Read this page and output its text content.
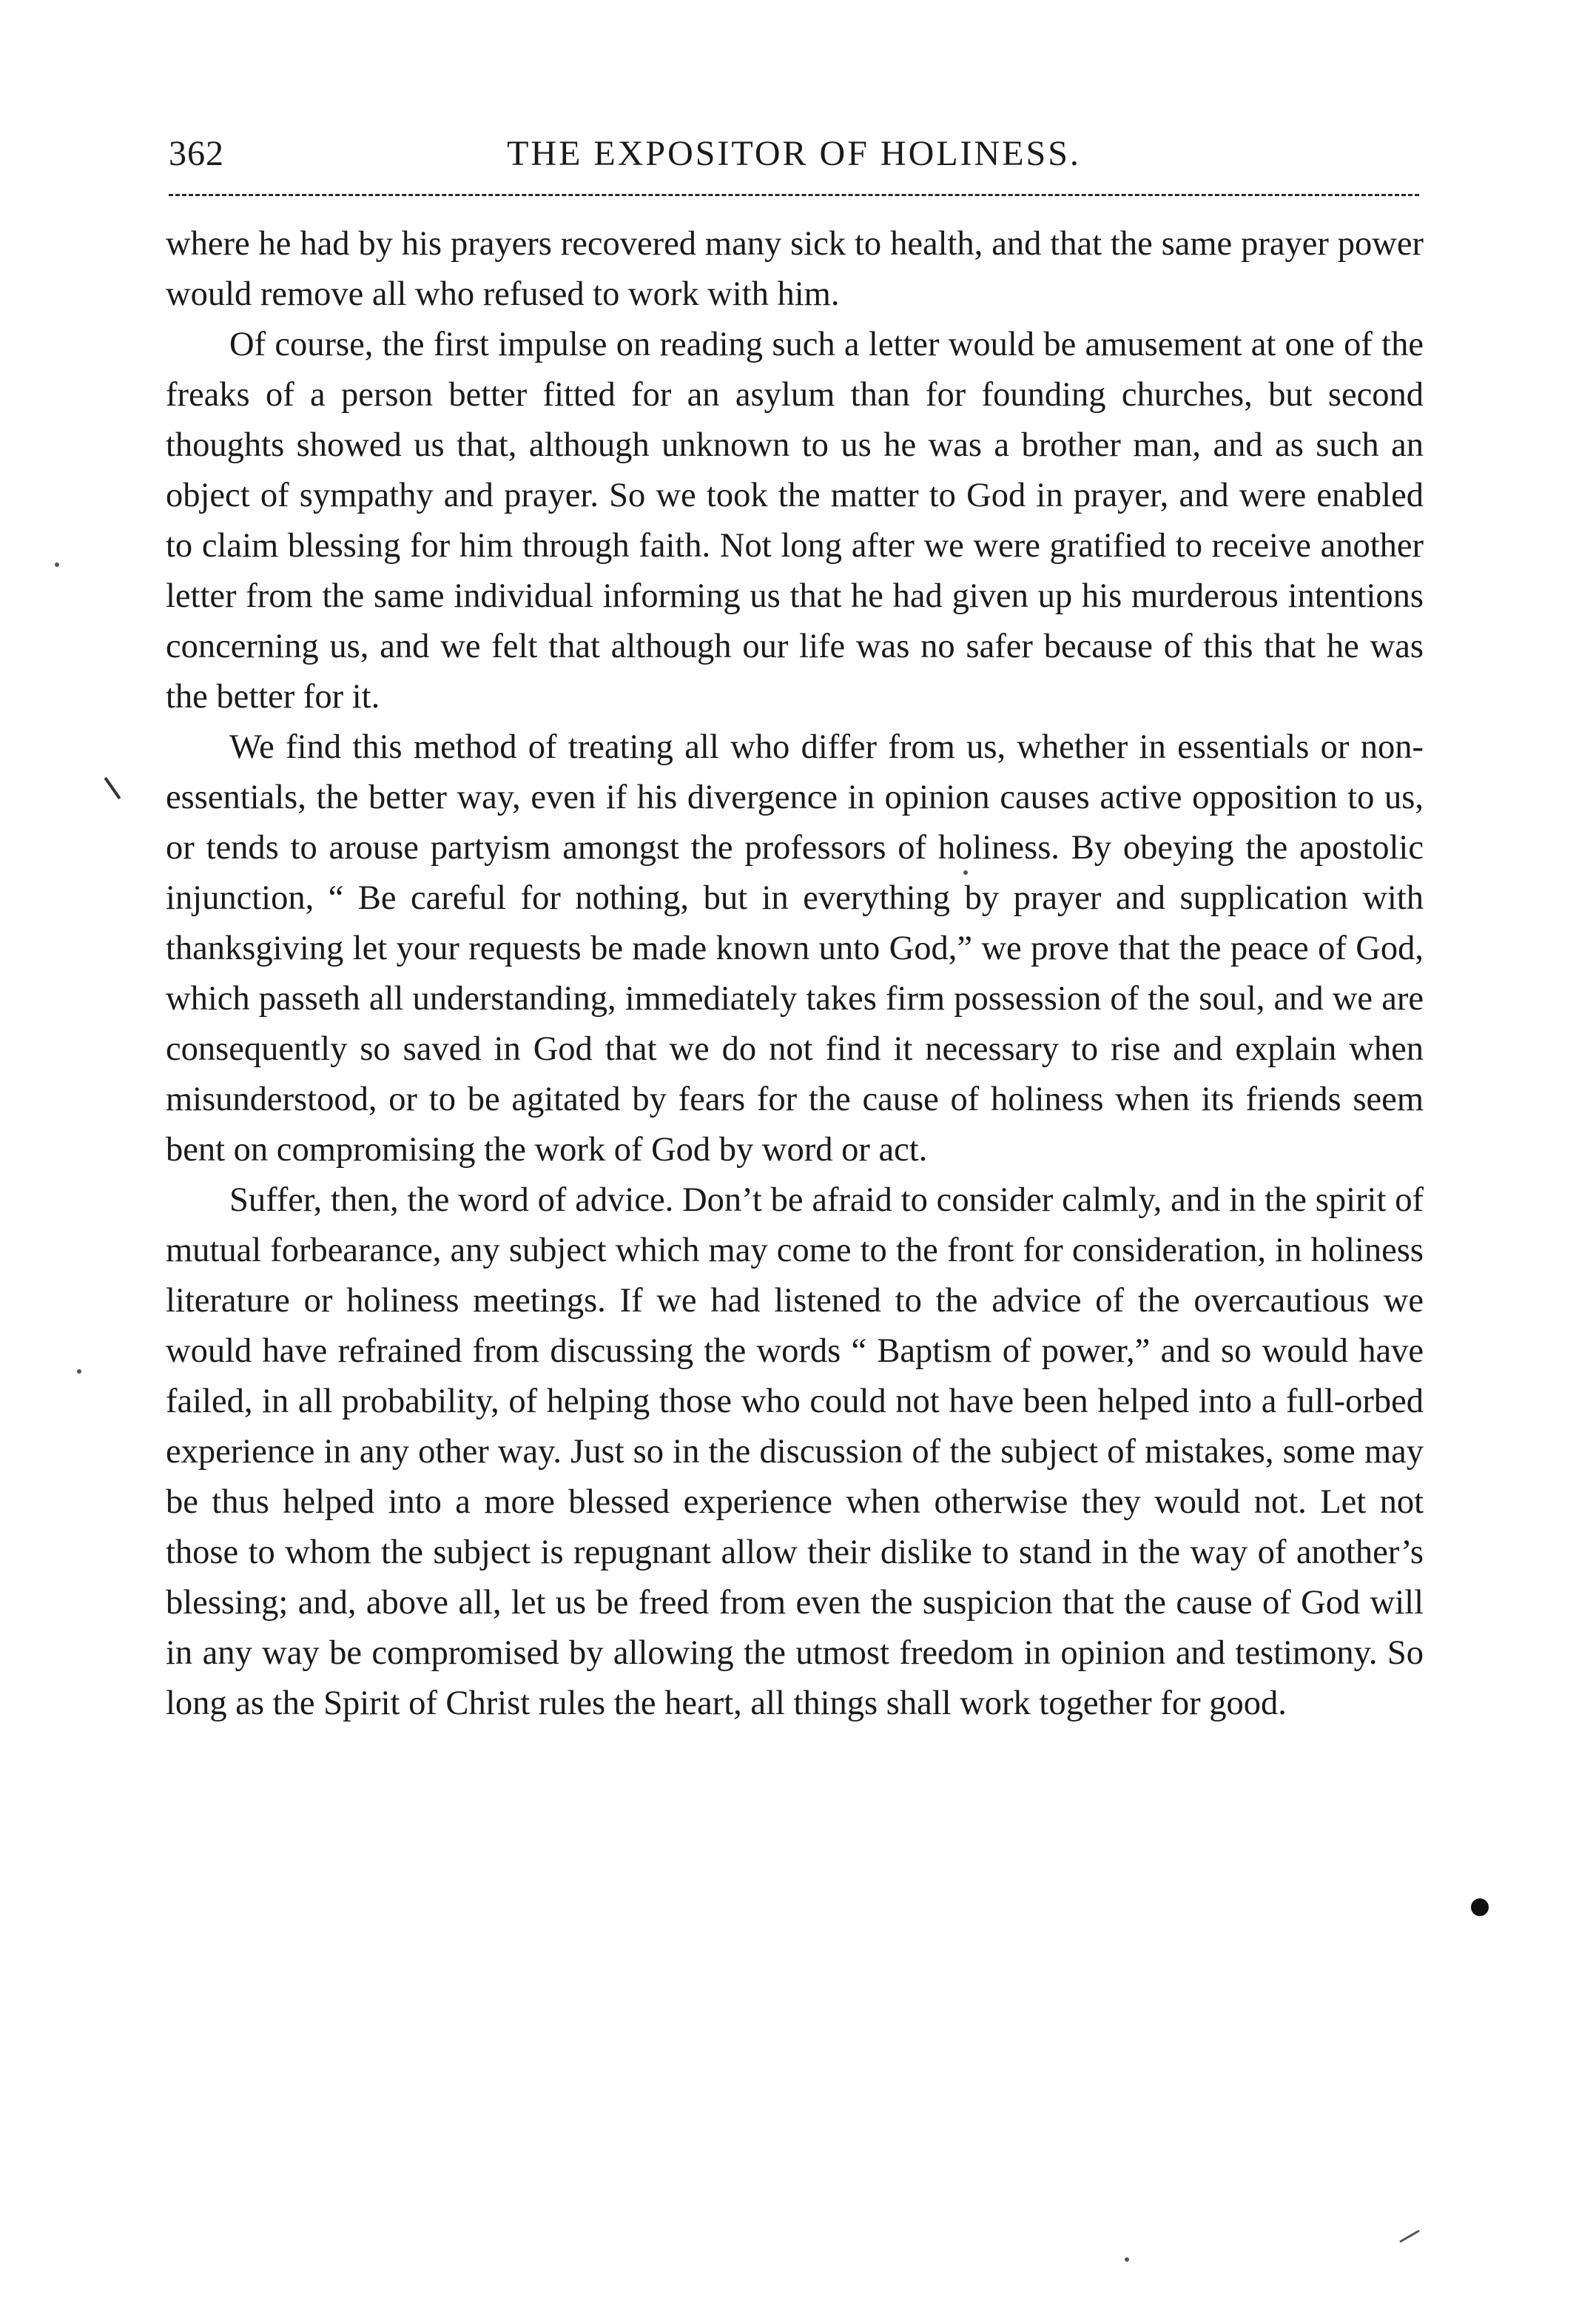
362	THE EXPOSITOR OF HOLINESS.

where he had by his prayers recovered many sick to health, and that the same prayer power would remove all who refused to work with him.

Of course, the first impulse on reading such a letter would be amusement at one of the freaks of a person better fitted for an asylum than for founding churches, but second thoughts showed us that, although unknown to us he was a brother man, and as such an object of sympathy and prayer. So we took the matter to God in prayer, and were enabled to claim blessing for him through faith. Not long after we were gratified to receive another letter from the same individual informing us that he had given up his murderous intentions concerning us, and we felt that although our life was no safer because of this that he was the better for it.

We find this method of treating all who differ from us, whether in essentials or non-essentials, the better way, even if his divergence in opinion causes active opposition to us, or tends to arouse partyism amongst the professors of holiness. By obeying the apostolic injunction, “ Be careful for nothing, but in everything by prayer and supplication with thanksgiving let your requests be made known unto God,” we prove that the peace of God, which passeth all understanding, immediately takes firm possession of the soul, and we are consequently so saved in God that we do not find it necessary to rise and explain when misunderstood, or to be agitated by fears for the cause of holiness when its friends seem bent on compromising the work of God by word or act.

Suffer, then, the word of advice. Don’t be afraid to consider calmly, and in the spirit of mutual forbearance, any subject which may come to the front for consideration, in holiness literature or holiness meetings. If we had listened to the advice of the overcautious we would have refrained from discussing the words “ Baptism of power,” and so would have failed, in all probability, of helping those who could not have been helped into a full-orbed experience in any other way. Just so in the discussion of the subject of mistakes, some may be thus helped into a more blessed experience when otherwise they would not. Let not those to whom the subject is repugnant allow their dislike to stand in the way of another’s blessing; and, above all, let us be freed from even the suspicion that the cause of God will in any way be compromised by allowing the utmost freedom in opinion and testimony. So long as the Spirit of Christ rules the heart, all things shall work together for good.
